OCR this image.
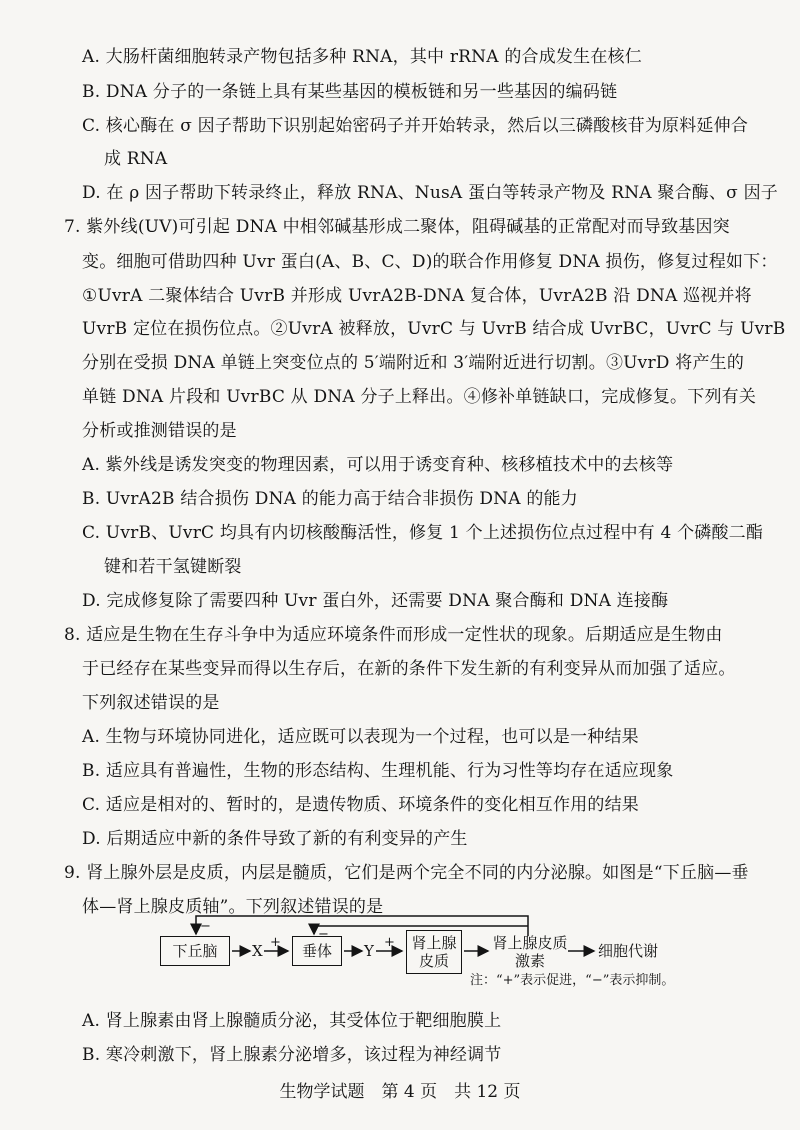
A. 大肠杆菌细胞转录产物包括多种 RNA，其中 rRNA 的合成发生在核仁
B. DNA 分子的一条链上具有某些基因的模板链和另一些基因的编码链
C. 核心酶在 σ 因子帮助下识别起始密码子并开始转录，然后以三磷酸核苷为原料延伸合
成 RNA
D. 在 ρ 因子帮助下转录终止，释放 RNA、NusA 蛋白等转录产物及 RNA 聚合酶、σ 因子
7. 紫外线(UV)可引起 DNA 中相邻碱基形成二聚体，阻碍碱基的正常配对而导致基因突
变。细胞可借助四种 Uvr 蛋白(A、B、C、D)的联合作用修复 DNA 损伤，修复过程如下：
①UvrA 二聚体结合 UvrB 并形成 UvrA2B-DNA 复合体，UvrA2B 沿 DNA 巡视并将
UvrB 定位在损伤位点。②UvrA 被释放，UvrC 与 UvrB 结合成 UvrBC，UvrC 与 UvrB
分别在受损 DNA 单链上突变位点的 5′端附近和 3′端附近进行切割。③UvrD 将产生的
单链 DNA 片段和 UvrBC 从 DNA 分子上释出。④修补单链缺口，完成修复。下列有关
分析或推测错误的是
A. 紫外线是诱发突变的物理因素，可以用于诱变育种、核移植技术中的去核等
B. UvrA2B 结合损伤 DNA 的能力高于结合非损伤 DNA 的能力
C. UvrB、UvrC 均具有内切核酸酶活性，修复 1 个上述损伤位点过程中有 4 个磷酸二酯
键和若干氢键断裂
D. 完成修复除了需要四种 Uvr 蛋白外，还需要 DNA 聚合酶和 DNA 连接酶
8. 适应是生物在生存斗争中为适应环境条件而形成一定性状的现象。后期适应是生物由
于已经存在某些变异而得以生存后，在新的条件下发生新的有利变异从而加强了适应。
下列叙述错误的是
A. 生物与环境协同进化，适应既可以表现为一个过程，也可以是一种结果
B. 适应具有普遍性，生物的形态结构、生理机能、行为习性等均存在适应现象
C. 适应是相对的、暂时的，是遗传物质、环境条件的变化相互作用的结果
D. 后期适应中新的条件导致了新的有利变异的产生
9. 肾上腺外层是皮质，内层是髓质，它们是两个完全不同的内分泌腺。如图是“下丘脑—垂
体—肾上腺皮质轴”。下列叙述错误的是
下丘脑 X	垂体 Y	肾上腺
皮质
肾上腺皮质
激素
细胞代谢
−
−
+	+
注：“+”表示促进，“−”表示抑制。
A. 肾上腺素由肾上腺髓质分泌，其受体位于靶细胞膜上
B. 寒冷刺激下，肾上腺素分泌增多，该过程为神经调节
生物学试题　第 4 页　共 12 页
